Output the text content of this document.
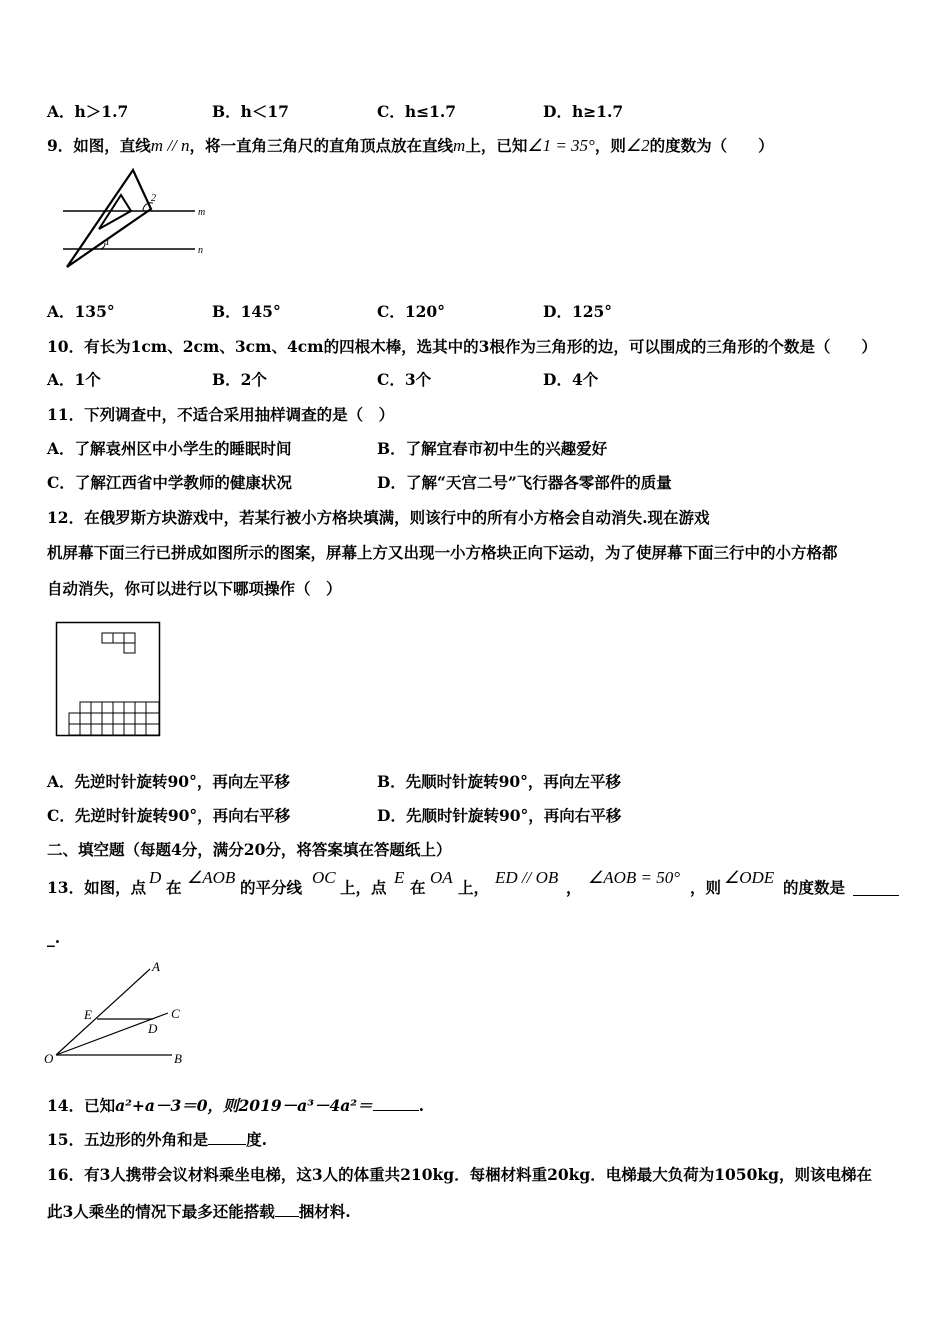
A．h＞1.7	B．h＜17	C．h≤1.7	D．h≥1.7
9．如图，直线m // n，将一直角三角尺的直角顶点放在直线m上，已知∠1 = 35°，则∠2的度数为（　　）
m
n
1
2
A．135°	B．145°	C．120°	D．125°
10．有长为1cm、2cm、3cm、4cm的四根木棒，选其中的3根作为三角形的边，可以围成的三角形的个数是（　　）
A．1个	B．2个	C．3个	D．4个
11．下列调查中，不适合采用抽样调查的是（　）
A．了解袁州区中小学生的睡眠时间	B．了解宜春市初中生的兴趣爱好
C．了解江西省中学教师的健康状况	D．了解“天宫二号”飞行器各零部件的质量
12．在俄罗斯方块游戏中，若某行被小方格块填满，则该行中的所有小方格会自动消失.现在游戏
机屏幕下面三行已拼成如图所示的图案，屏幕上方又出现一小方格块正向下运动，为了使屏幕下面三行中的小方格都
自动消失，你可以进行以下哪项操作（　）
A．先逆时针旋转90°，再向左平移	B．先顺时针旋转90°，再向左平移
C．先逆时针旋转90°，再向右平移	D．先顺时针旋转90°，再向右平移
二、填空题（每题4分，满分20分，将答案填在答题纸上）
13．如图，点
D
在
∠AOB
的平分线
OC
上，点
E
在
OA
上，
ED // OB
，
∠AOB = 50°
，则
∠ODE
的度数是
_.
A
C
E
D
O	B
14．已知a²+a－3＝0，则2019－a³－4a²＝	.
15．五边形的外角和是 度.
16．有3人携带会议材料乘坐电梯，这3人的体重共210kg．每梱材料重20kg．电梯最大负荷为1050kg，则该电梯在
此3人乘坐的情况下最多还能搭载 捆材料.
